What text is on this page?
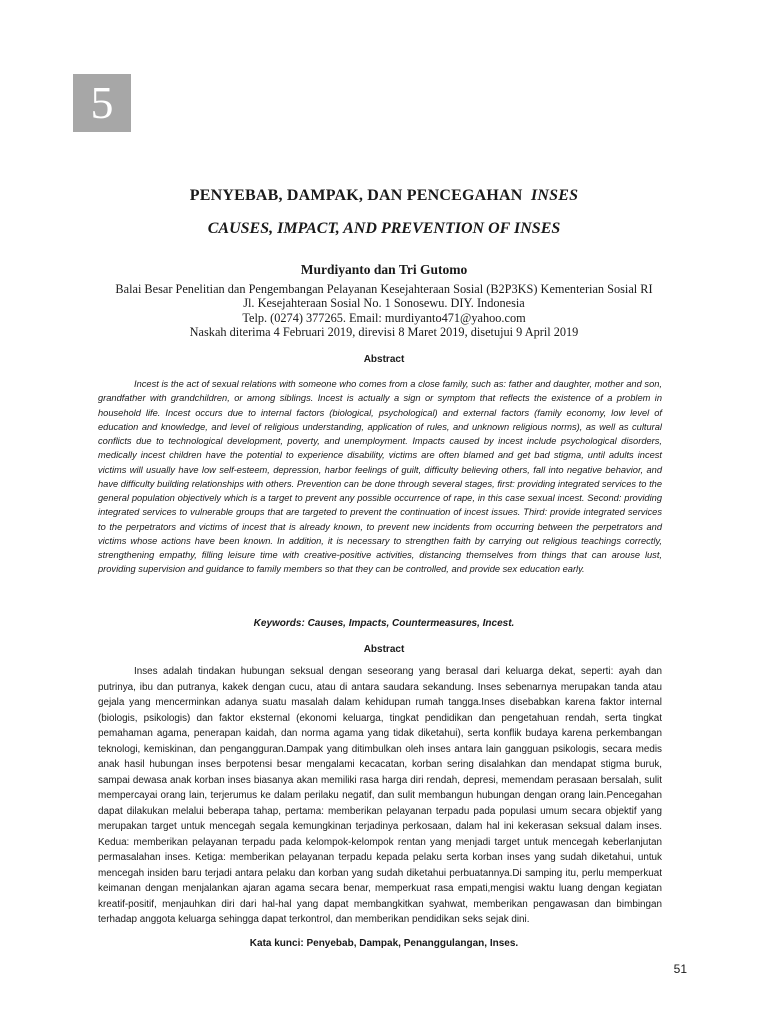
5
PENYEBAB, DAMPAK, DAN PENCEGAHAN INSES
CAUSES, IMPACT, AND PREVENTION OF INSES
Murdiyanto dan Tri Gutomo
Balai Besar Penelitian dan Pengembangan Pelayanan Kesejahteraan Sosial (B2P3KS) Kementerian Sosial RI
Jl. Kesejahteraan Sosial No. 1 Sonosewu. DIY. Indonesia
Telp. (0274) 377265. Email: murdiyanto471@yahoo.com
Naskah diterima 4 Februari 2019, direvisi 8 Maret 2019, disetujui 9 April 2019
Abstract

Incest is the act of sexual relations with someone who comes from a close family, such as: father and daughter, mother and son, grandfather with grandchildren, or among siblings. Incest is actually a sign or symptom that reflects the existence of a problem in household life. Incest occurs due to internal factors (biological, psychological) and external factors (family economy, low level of education and knowledge, and level of religious understanding, application of rules, and unknown religious norms), as well as cultural conflicts due to technological development, poverty, and unemployment. Impacts caused by incest include psychological disorders, medically incest children have the potential to experience disability, victims are often blamed and get bad stigma, until adults incest victims will usually have low self-esteem, depression, harbor feelings of guilt, difficulty believing others, fall into negative behavior, and have difficulty building relationships with others. Prevention can be done through several stages, first: providing integrated services to the general population objectively which is a target to prevent any possible occurrence of rape, in this case sexual incest. Second: providing integrated services to vulnerable groups that are targeted to prevent the continuation of incest issues. Third: provide integrated services to the perpetrators and victims of incest that is already known, to prevent new incidents from occurring between the perpetrators and victims whose actions have been known. In addition, it is necessary to strengthen faith by carrying out religious teachings correctly, strengthening empathy, filling leisure time with creative-positive activities, distancing themselves from things that can arouse lust, providing supervision and guidance to family members so that they can be controlled, and provide sex education early.

Keywords: Causes, Impacts, Countermeasures, Incest.
Abstract

Inses adalah tindakan hubungan seksual dengan seseorang yang berasal dari keluarga dekat, seperti: ayah dan putrinya, ibu dan putranya, kakek dengan cucu, atau di antara saudara sekandung. Inses sebenarnya merupakan tanda atau gejala yang mencerminkan adanya suatu masalah dalam kehidupan rumah tangga.Inses disebabkan karena faktor internal (biologis, psikologis) dan faktor eksternal (ekonomi keluarga, tingkat pendidikan dan pengetahuan rendah, serta tingkat pemahaman agama, penerapan kaidah, dan norma agama yang tidak diketahui), serta konflik budaya karena perkembangan teknologi, kemiskinan, dan pengangguran.Dampak yang ditimbulkan oleh inses antara lain gangguan psikologis, secara medis anak hasil hubungan inses berpotensi besar mengalami kecacatan, korban sering disalahkan dan mendapat stigma buruk, sampai dewasa anak korban inses biasanya akan memiliki rasa harga diri rendah, depresi, memendam perasaan bersalah, sulit mempercayai orang lain, terjerumus ke dalam perilaku negatif, dan sulit membangun hubungan dengan orang lain.Pencegahan dapat dilakukan melalui beberapa tahap, pertama: memberikan pelayanan terpadu pada populasi umum secara objektif yang merupakan target untuk mencegah segala kemungkinan terjadinya perkosaan, dalam hal ini kekerasan seksual dalam inses. Kedua: memberikan pelayanan terpadu pada kelompok-kelompok rentan yang menjadi target untuk mencegah keberlanjutan permasalahan inses. Ketiga: memberikan pelayanan terpadu kepada pelaku serta korban inses yang sudah diketahui, untuk mencegah insiden baru terjadi antara pelaku dan korban yang sudah diketahui perbuatannya.Di samping itu, perlu memperkuat keimanan dengan menjalankan ajaran agama secara benar, memperkuat rasa empati,mengisi waktu luang dengan kegiatan kreatif-positif, menjauhkan diri dari hal-hal yang dapat membangkitkan syahwat, memberikan pengawasan dan bimbingan terhadap anggota keluarga sehingga dapat terkontrol, dan memberikan pendidikan seks sejak dini.

Kata kunci: Penyebab, Dampak, Penanggulangan, Inses.
51
